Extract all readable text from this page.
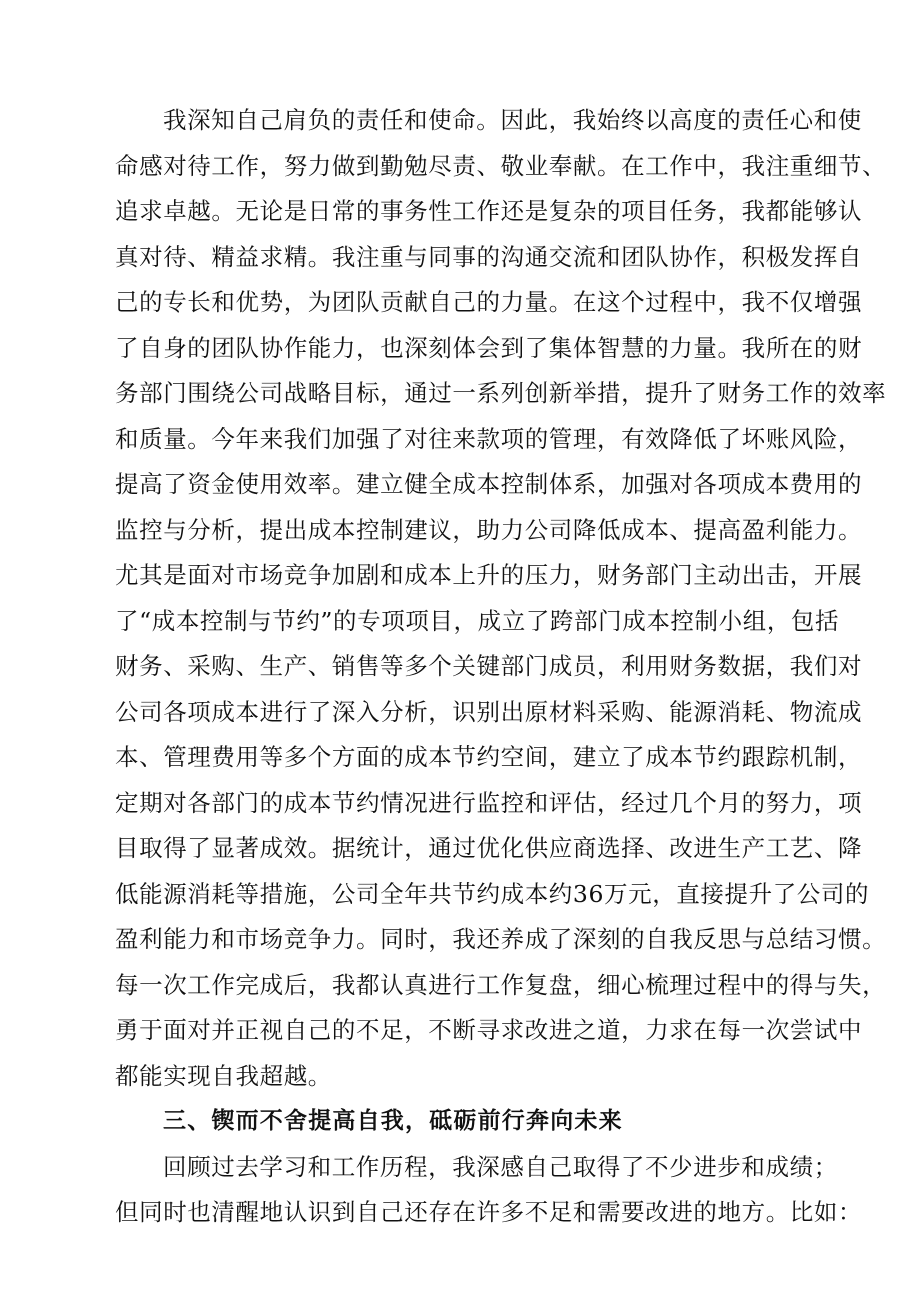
我深知自己肩负的责任和使命。因此，我始终以高度的责任心和使
命感对待工作，努力做到勤勉尽责、敬业奉献。在工作中，我注重细节、
追求卓越。无论是日常的事务性工作还是复杂的项目任务，我都能够认
真对待、精益求精。我注重与同事的沟通交流和团队协作，积极发挥自
己的专长和优势，为团队贡献自己的力量。在这个过程中，我不仅增强
了自身的团队协作能力，也深刻体会到了集体智慧的力量。我所在的财
务部门围绕公司战略目标，通过一系列创新举措，提升了财务工作的效率
和质量。今年来我们加强了对往来款项的管理，有效降低了坏账风险，
提高了资金使用效率。建立健全成本控制体系，加强对各项成本费用的
监控与分析，提出成本控制建议，助力公司降低成本、提高盈利能力。
尤其是面对市场竞争加剧和成本上升的压力，财务部门主动出击，开展
了“成本控制与节约”的专项项目，成立了跨部门成本控制小组，包括
财务、采购、生产、销售等多个关键部门成员，利用财务数据，我们对
公司各项成本进行了深入分析，识别出原材料采购、能源消耗、物流成
本、管理费用等多个方面的成本节约空间，建立了成本节约跟踪机制，
定期对各部门的成本节约情况进行监控和评估，经过几个月的努力，项
目取得了显著成效。据统计，通过优化供应商选择、改进生产工艺、降
低能源消耗等措施，公司全年共节约成本约36万元，直接提升了公司的
盈利能力和市场竞争力。同时，我还养成了深刻的自我反思与总结习惯。
每一次工作完成后，我都认真进行工作复盘，细心梳理过程中的得与失，
勇于面对并正视自己的不足，不断寻求改进之道，力求在每一次尝试中
都能实现自我超越。
三、锲而不舍提高自我，砥砺前行奔向未来
回顾过去学习和工作历程，我深感自己取得了不少进步和成绩；
但同时也清醒地认识到自己还存在许多不足和需要改进的地方。比如：
